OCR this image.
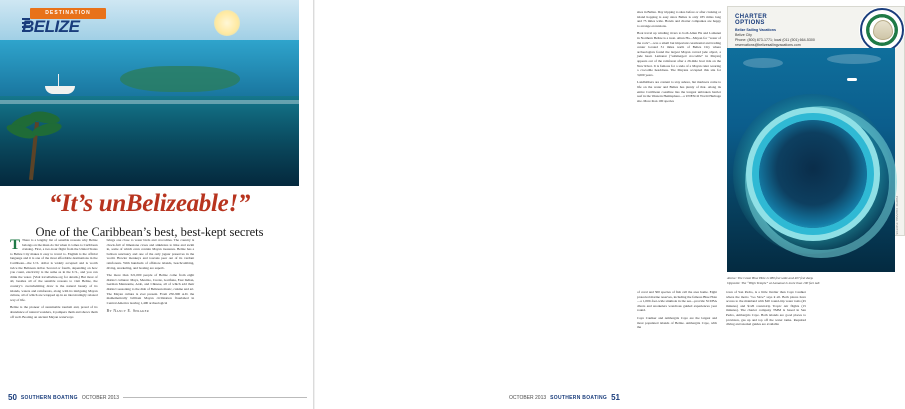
DESTINATION
BELIZE
“It’s unBelizeable!”
One of the Caribbean’s best, best-kept secrets

T There is a lengthy list of sensible reasons why Belize belongs on the must-do list when it comes to Caribbean cruising. First, a two-hour flight from the United States to Belize City makes it easy to travel to. English is the official language and it is one of the most affordable destinations in the Caribbean—the U.S. dollar is widely accepted and is worth twice the Belizean dollar. Second or fourth, depending on how you count, electricity is the same as in the U.S., and you can drink the water. (Visit travelbelize.org for details.) But most of all, besides all of the sensible reasons to visit Belize, the country’s overwhelming draw is the natural beauty of its islands, waters and rainforests, along with its intriguing Mayan culture, all of which are wrapped up in an intoxicatingly relaxed way of life.

Belize is the pioneer of sustainable tourism and, proud of its abundance of natural wonders, it pampers them and shows them off well. Boating on ancient Mayan waterways

brings one close to water birds and crocodiles. The country is chock-full of limestone caves and sinkholes to hike and swim in, some of which even contain Mayan treasures. Belize has a balloon sanctuary and one of the only jaguar preserves in the world. Howler monkeys and toucans peer out of its verdant rainforests. With hundreds of offshore islands, beachcombing, diving, snorkeling, and boating are superb.

The more than 321,000 people of Belize come from eight distinct cultures: Maya, Mestizo, Creole, Garifuna, East Indian, German Mennonite, Arab, and Chinese, all of which add their distinct seasoning to the dish of Belizean music, cuisine and art. The Mayan culture is ever present. From 250-900 A.D. the mathematically brilliant Mayan civilization flourished in Central America leaving 1,400 archeological

By Nancy E. Spraker
50 SOUTHERN BOATING OCTOBER 2013

sites in Belize. Day tripping to sites before or after cruising or island hopping is easy since Belize is only 185 miles long and 75 miles wide. Hotels and charter companies are happy to arrange excursions.

Boat travel up winding rivers to both Altun Ha and Lamanai in Northern Belize is a treat. Altun Ha—Mayan for “water of the rock”—was a small but important ceremonial and trading center located 31 miles north of Belize City where archeologists found the largest Mayan carved jade object, a jade head. Lamanai (“submerged crocodile” in Mayan) appears out of the rainforest after a 26-mile boat ride on the New River. It is famous for a stela of a Mayan ruler wearing a crocodile headdress. The Mayans occupied this site for 3,000 years.

Landlubbers are content to stay ashore, but mariners come to life on the water and Belize has plenty of that. Along its entire Caribbean coastline lies the longest unbroken barrier reef in the Western Hemisphere—a UNESCO World Heritage site. More than 100 species

CHARTER OPTIONS
Belize Sailing Vacations
Belize City
Phone: (800) 873-1771; local (011 (501) 664-5300
reservations@belizesailingvacations.com
Above: The Great Blue Hole is 980 feet wide and 407 feet deep.
Opposite: The “High Temple” at Lamanai is more than 100 feet tall.
PHOTO: CHANNEL PHOTOS

of coral and 500 species of fish call the area home. Eight protected marine reserves, including the famous Blue Hole—a 1,000-foot-wide sinkhole in the sea—provide SCUBA divers and snorkelers wondrous guided experiences year round.

Caye Caulker and Ambergris Caye are the largest and most populated islands of Belize. Ambergris Caye, with the

town of San Pedro, is a little livelier than Caye Caulker where the motto “Go Slow” says it all. Both places have access to the mainland with $20 round-trip water taxis (45 minutes) and $126 round-trip Tropic Air flights (15 minutes). The charter company TMM is based in San Pedro, Ambergris Caye. Both islands are good places to provision, gas up and top off the water tanks. Required diving and snorkel guides are available

OCTOBER 2013 SOUTHERN BOATING 51
